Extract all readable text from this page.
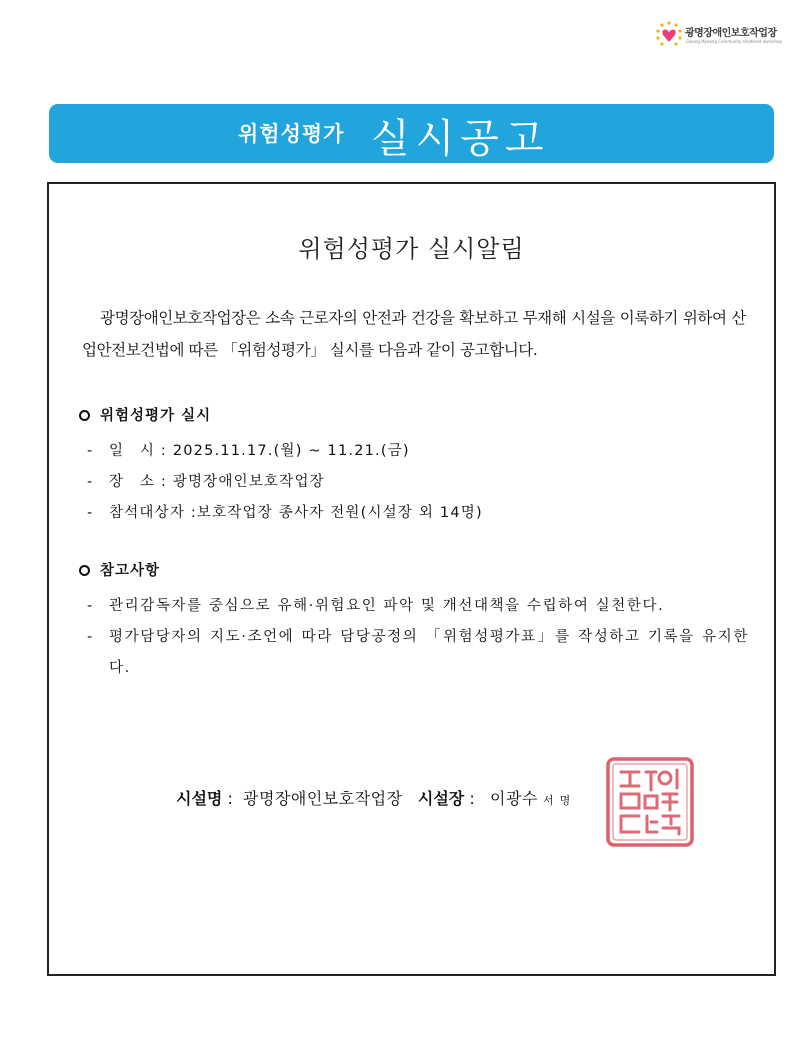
광명장애인보호작업장
Gwang Myeong Community sheltered workshop
위험성평가 실시공고
위험성평가 실시알림
광명장애인보호작업장은 소속 근로자의 안전과 건강을 확보하고 무재해 시설을 이룩하기 위하여 산업안전보건법에 따른 「위험성평가」 실시를 다음과 같이 공고합니다.
위험성평가 실시
- 일　시 : 2025.11.17.(월) ~ 11.21.(금)
- 장　소 : 광명장애인보호작업장
- 참석대상자 :보호작업장 종사자 전원(시설장 외 14명)
참고사항
- 관리감독자를 중심으로 유해·위험요인 파악 및 개선대책을 수립하여 실천한다.
- 평가담당자의 지도·조언에 따라 담당공정의 「위험성평가표」를 작성하고 기록을 유지한다.
시설명 : 광명장애인보호작업장 시설장 : 이광수 서명
